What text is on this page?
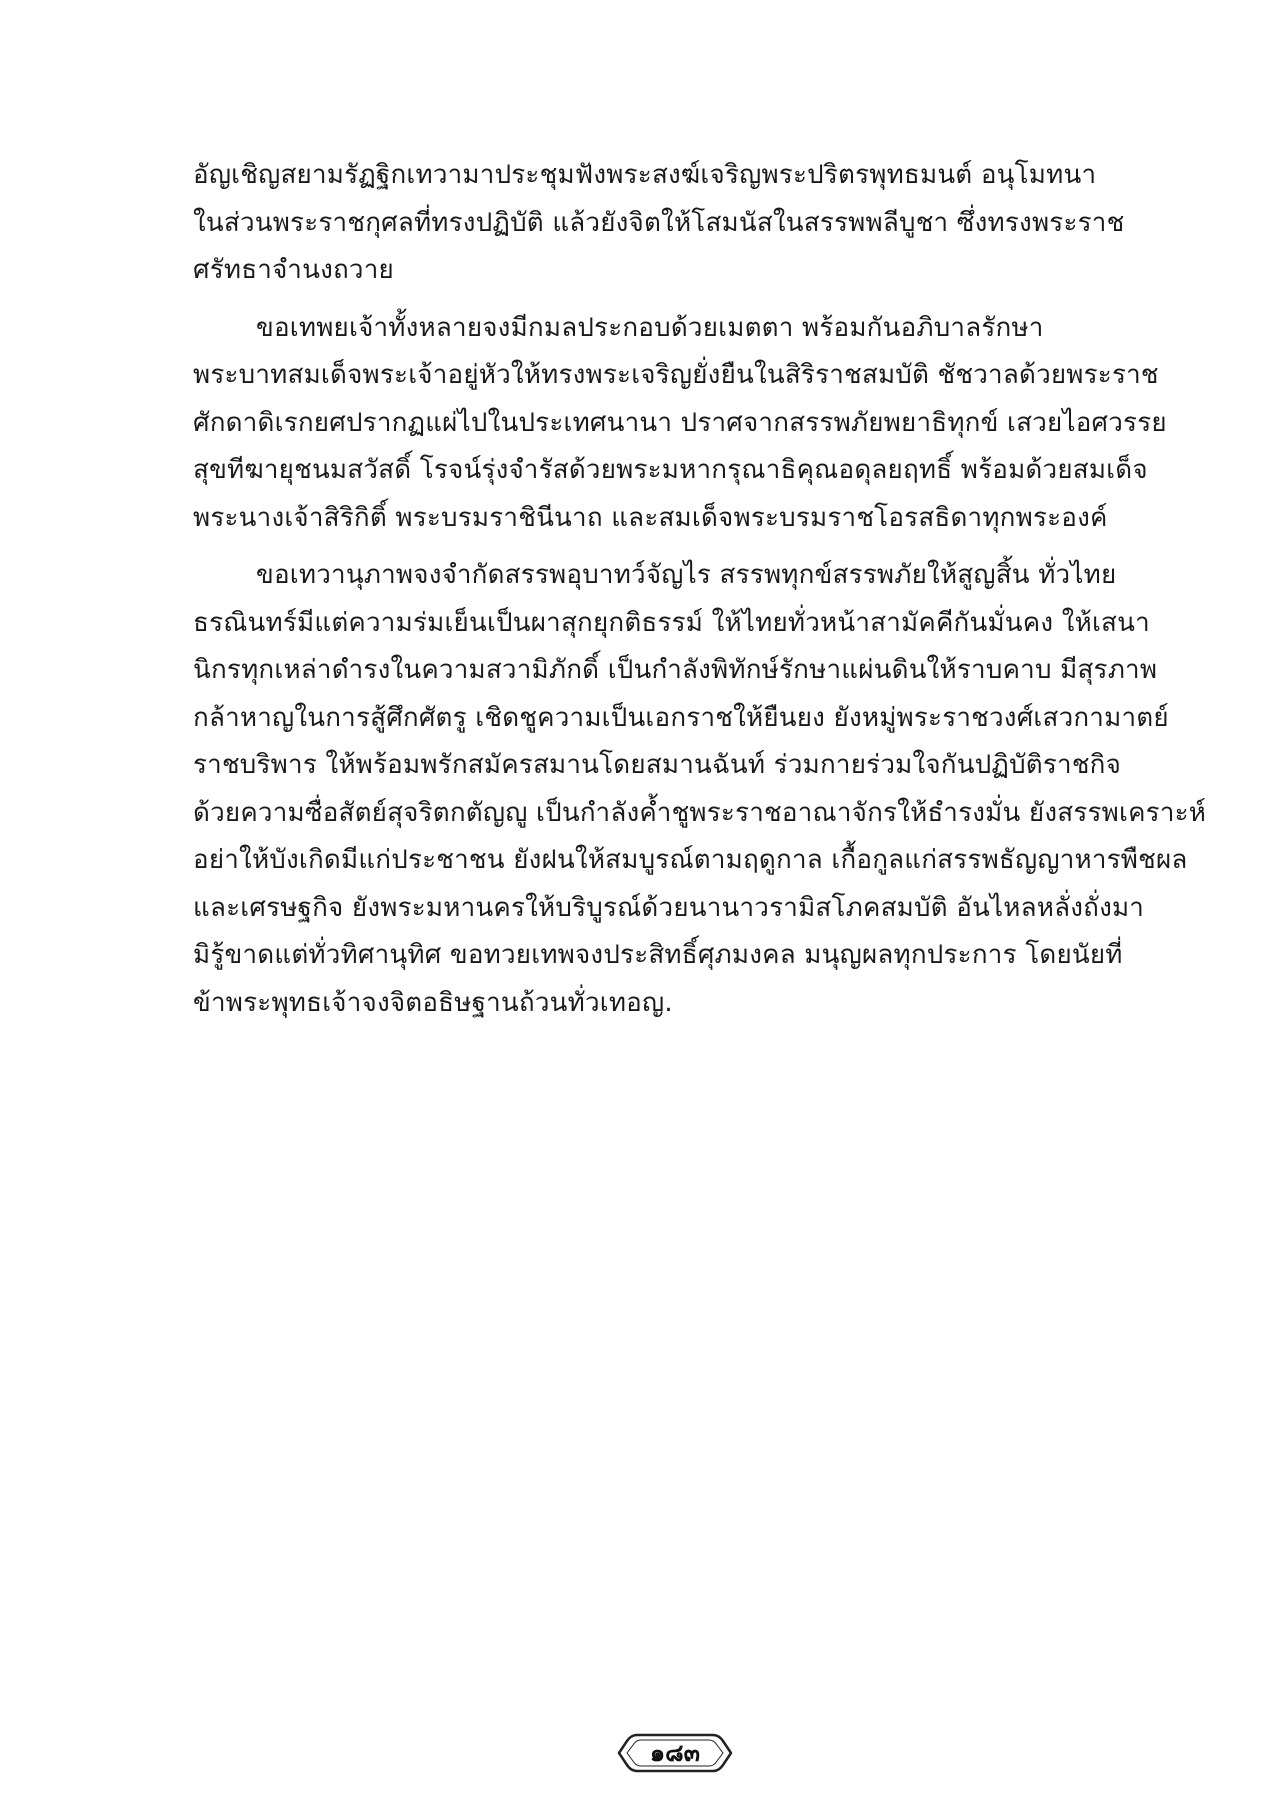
อัญเชิญสยามรัฏฐิกเทวามาประชุมฟังพระสงฆ์เจริญพระปริตรพุทธมนต์ อนุโมทนา
ในส่วนพระราชกุศลที่ทรงปฏิบัติ แล้วยังจิตให้โสมนัสในสรรพพลีบูชา ซึ่งทรงพระราช
ศรัทธาจำนงถวาย

ขอเทพยเจ้าทั้งหลายจงมีกมลประกอบด้วยเมตตา พร้อมกันอภิบาลรักษา
พระบาทสมเด็จพระเจ้าอยู่หัวให้ทรงพระเจริญยั่งยืนในสิริราชสมบัติ ชัชวาลด้วยพระราช
ศักดาดิเรกยศปรากฏแผ่ไปในประเทศนานา ปราศจากสรรพภัยพยาธิทุกข์ เสวยไอศวรรย
สุขทีฆายุชนมสวัสดิ์ โรจน์รุ่งจำรัสด้วยพระมหากรุณาธิคุณอดุลยฤทธิ์ พร้อมด้วยสมเด็จ
พระนางเจ้าสิริกิติ์ พระบรมราชินีนาถ และสมเด็จพระบรมราชโอรสธิดาทุกพระองค์

ขอเทวานุภาพจงจำกัดสรรพอุบาทว์จัญไร สรรพทุกข์สรรพภัยให้สูญสิ้น ทั่วไทย
ธรณินทร์มีแต่ความร่มเย็นเป็นผาสุกยุกติธรรม์ ให้ไทยทั่วหน้าสามัคคีกันมั่นคง ให้เสนา
นิกรทุกเหล่าดำรงในความสวามิภักดิ์ เป็นกำลังพิทักษ์รักษาแผ่นดินให้ราบคาบ มีสุรภาพ
กล้าหาญในการสู้ศึกศัตรู เชิดชูความเป็นเอกราชให้ยืนยง ยังหมู่พระราชวงศ์เสวกามาตย์
ราชบริพาร ให้พร้อมพรักสมัครสมานโดยสมานฉันท์ ร่วมกายร่วมใจกันปฏิบัติราชกิจ
ด้วยความซื่อสัตย์สุจริตกตัญญู เป็นกำลังค้ำชูพระราชอาณาจักรให้ธำรงมั่น ยังสรรพเคราะห์
อย่าให้บังเกิดมีแก่ประชาชน ยังฝนให้สมบูรณ์ตามฤดูกาล เกื้อกูลแก่สรรพธัญญาหารพืชผล
และเศรษฐกิจ ยังพระมหานครให้บริบูรณ์ด้วยนานาวรามิสโภคสมบัติ อันไหลหลั่งถั่งมา
มิรู้ขาดแต่ทั่วทิศานุทิศ ขอทวยเทพจงประสิทธิ์ศุภมงคล มนุญผลทุกประการ โดยนัยที่
ข้าพระพุทธเจ้าจงจิตอธิษฐานถ้วนทั่วเทอญ.

๑๘๓
